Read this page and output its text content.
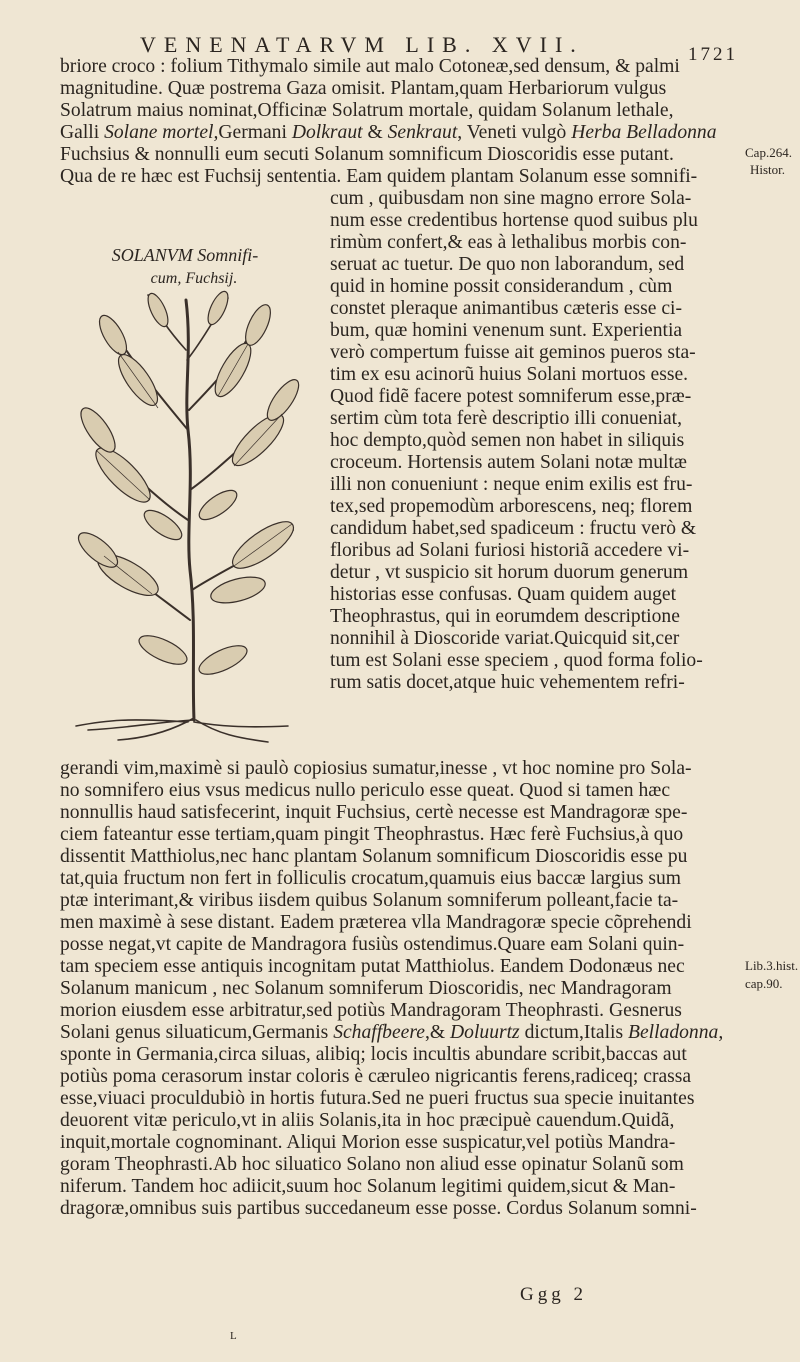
VENENATARVM LIB. XVII.	1721
briore croco : folium Tithymalo simile aut malo Cotoneæ,sed densum, & palmi
magnitudine. Quæ postrema Gaza omisit. Plantam,quam Herbariorum vulgus
Solatrum maius nominat,Officinæ Solatrum mortale, quidam Solanum lethale,
Galli Solane mortel,Germani Dolkraut & Senkraut, Veneti vulgò Herba Belladonna
Fuchsius & nonnulli eum secuti Solanum somnificum Dioscoridis esse putant.
Qua de re hæc est Fuchsij sententia. Eam quidem plantam Solanum esse somnifi-
SOLANVM Somnifi-
cum, Fuchsij.
cum , quibusdam non sine magno errore Sola-
num esse credentibus hortense quod suibus plu
rimùm confert,& eas à lethalibus morbis con-
seruat ac tuetur. De quo non laborandum, sed
quid in homine possit considerandum , cùm
constet pleraque animantibus cæteris esse ci-
bum, quæ homini venenum sunt. Experientia
verò compertum fuisse ait geminos pueros sta-
tim ex esu acinorũ huius Solani mortuos esse.
Quod fidẽ facere potest somniferum esse,præ-
sertim cùm tota ferè descriptio illi conueniat,
hoc dempto,quòd semen non habet in siliquis
croceum. Hortensis autem Solani notæ multæ
illi non conueniunt : neque enim exilis est fru-
tex,sed propemodùm arborescens, neq; florem
candidum habet,sed spadiceum : fructu verò &
floribus ad Solani furiosi historiã accedere vi-
detur , vt suspicio sit horum duorum generum
historias esse confusas. Quam quidem auget
Theophrastus, qui in eorumdem descriptione
nonnihil à Dioscoride variat.Quicquid sit,cer
tum est Solani esse speciem , quod forma folio-
rum satis docet,atque huic vehementem refri-
gerandi vim,maximè si paulò copiosius sumatur,inesse , vt hoc nomine pro Sola-
no somnifero eius vsus medicus nullo periculo esse queat. Quod si tamen hæc
nonnullis haud satisfecerint, inquit Fuchsius, certè necesse est Mandragoræ spe-
ciem fateantur esse tertiam,quam pingit Theophrastus. Hæc ferè Fuchsius,à quo
dissentit Matthiolus,nec hanc plantam Solanum somnificum Dioscoridis esse pu
tat,quia fructum non fert in folliculis crocatum,quamuis eius baccæ largius sum
ptæ interimant,& viribus iisdem quibus Solanum somniferum polleant,facie ta-
men maximè à sese distant. Eadem præterea vlla Mandragoræ specie cõprehendi
posse negat,vt capite de Mandragora fusiùs ostendimus.Quare eam Solani quin-
tam speciem esse antiquis incognitam putat Matthiolus. Eandem Dodonæus nec
Solanum manicum , nec Solanum somniferum Dioscoridis, nec Mandragoram
morion eiusdem esse arbitratur,sed potiùs Mandragoram Theophrasti. Gesnerus
Solani genus siluaticum,Germanis Schaffbeere,& Doluurtz dictum,Italis Belladonna,
sponte in Germania,circa siluas, alibiq; locis incultis abundare scribit,baccas aut
potiùs poma cerasorum instar coloris è cæruleo nigricantis ferens,radiceq; crassa
esse,viuaci proculdubiò in hortis futura.Sed ne pueri fructus sua specie inuitantes
deuorent vitæ periculo,vt in aliis Solanis,ita in hoc præcipuè cauendum.Quidã,
inquit,mortale cognominant. Aliqui Morion esse suspicatur,vel potiùs Mandra-
goram Theophrasti.Ab hoc siluatico Solano non aliud esse opinatur Solanũ som
niferum. Tandem hoc adiicit,suum hoc Solanum legitimi quidem,sicut & Man-
dragoræ,omnibus suis partibus succedaneum esse posse. Cordus Solanum somni-
Cap.264.
Histor.
Lib.3.hist.
cap.90.
Ggg 2
L
